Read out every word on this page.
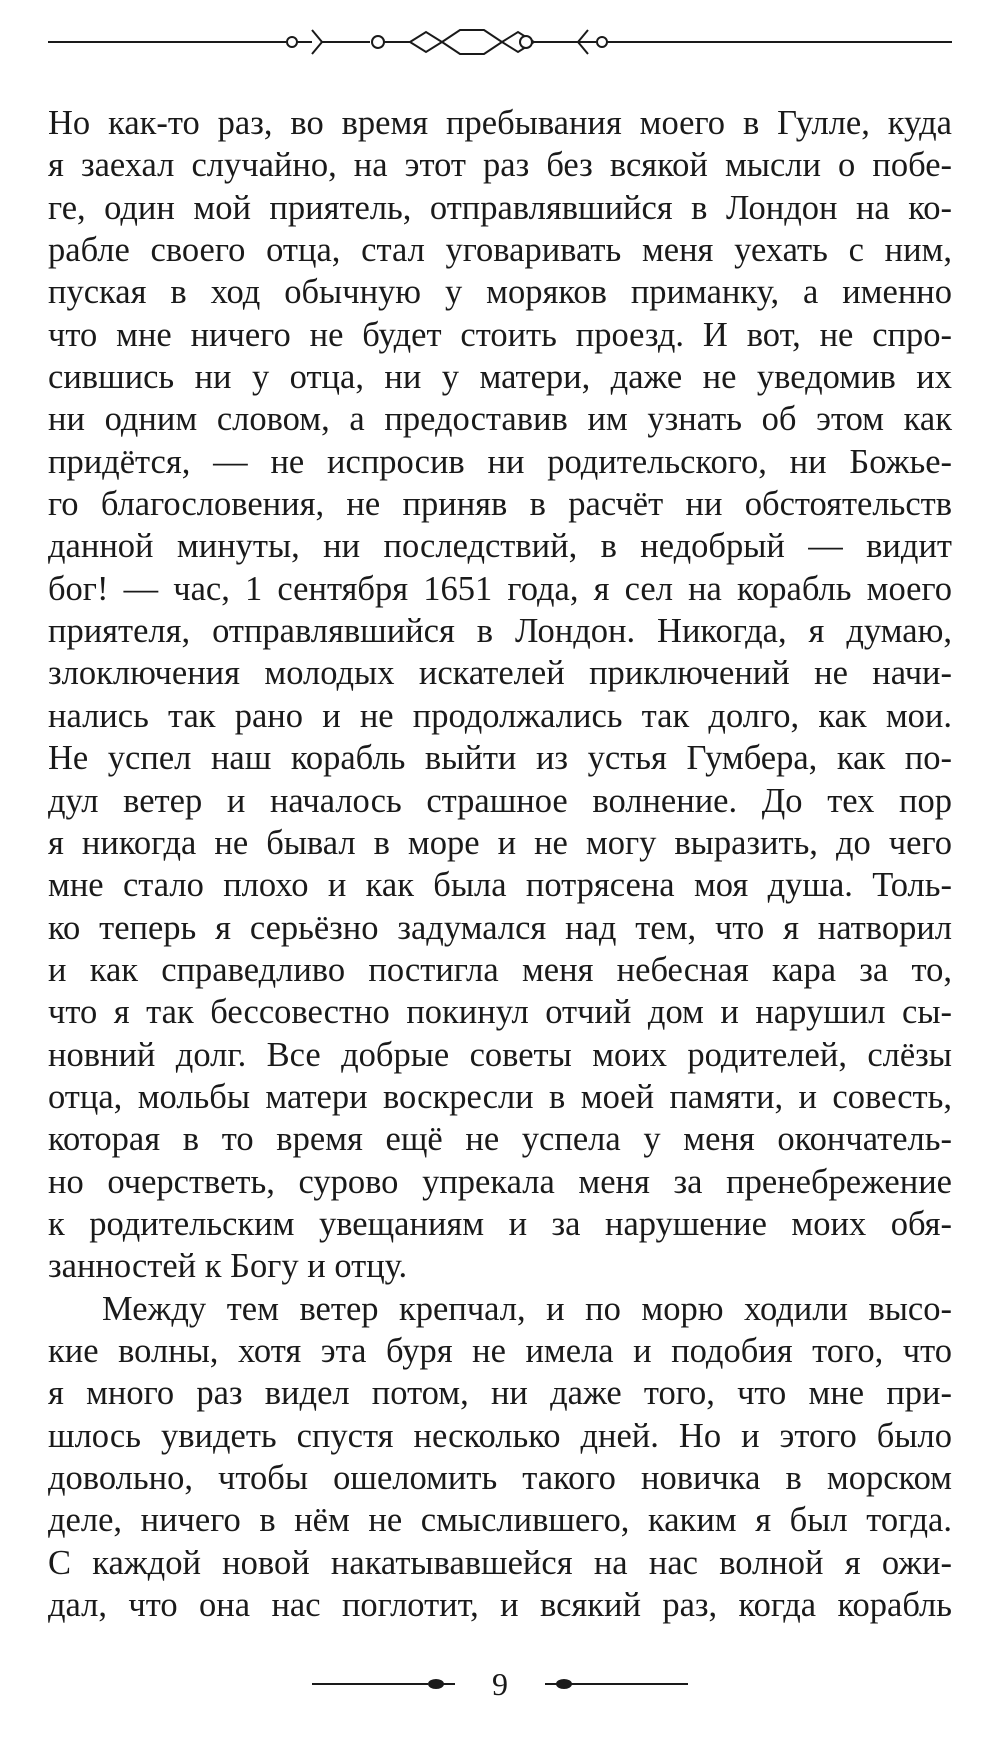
Но как-то раз, во время пребывания моего в Гулле, куда
я заехал случайно, на этот раз без всякой мысли о побе-
ге, один мой приятель, отправлявшийся в Лондон на ко-
рабле своего отца, стал уговаривать меня уехать с ним,
пуская в ход обычную у моряков приманку, а именно
что мне ничего не будет стоить проезд. И вот, не спро-
сившись ни у отца, ни у матери, даже не уведомив их
ни одним словом, а предоставив им узнать об этом как
придётся, — не испросив ни родительского, ни Божье-
го благословения, не приняв в расчёт ни обстоятельств
данной минуты, ни последствий, в недобрый — видит
бог! — час, 1 сентября 1651 года, я сел на корабль моего
приятеля, отправлявшийся в Лондон. Никогда, я думаю,
злоключения молодых искателей приключений не начи-
нались так рано и не продолжались так долго, как мои.
Не успел наш корабль выйти из устья Гумбера, как по-
дул ветер и началось страшное волнение. До тех пор
я никогда не бывал в море и не могу выразить, до чего
мне стало плохо и как была потрясена моя душа. Толь-
ко теперь я серьёзно задумался над тем, что я натворил
и как справедливо постигла меня небесная кара за то,
что я так бессовестно покинул отчий дом и нарушил сы-
новний долг. Все добрые советы моих родителей, слёзы
отца, мольбы матери воскресли в моей памяти, и совесть,
которая в то время ещё не успела у меня окончатель-
но очерстветь, сурово упрекала меня за пренебрежение
к родительским увещаниям и за нарушение моих обя-
занностей к Богу и отцу.

Между тем ветер крепчал, и по морю ходили высо-
кие волны, хотя эта буря не имела и подобия того, что
я много раз видел потом, ни даже того, что мне при-
шлось увидеть спустя несколько дней. Но и этого было
довольно, чтобы ошеломить такого новичка в морском
деле, ничего в нём не смыслившего, каким я был тогда.
С каждой новой накатывавшейся на нас волной я ожи-
дал, что она нас поглотит, и всякий раз, когда корабль

9
